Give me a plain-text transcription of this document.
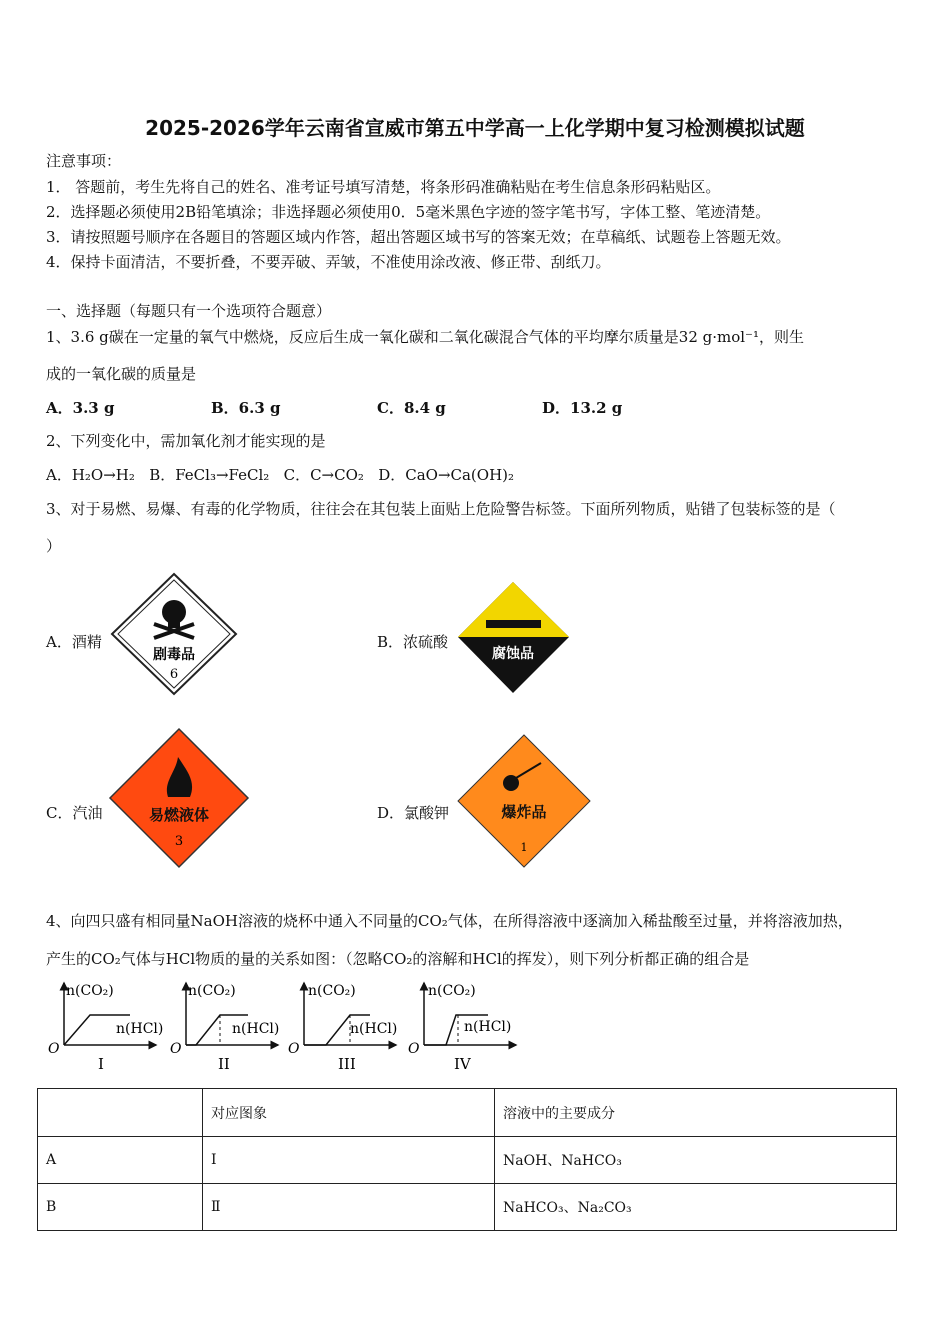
2025-2026学年云南省宣威市第五中学高一上化学期中复习检测模拟试题
注意事项：
1． 答题前，考生先将自己的姓名、准考证号填写清楚，将条形码准确粘贴在考生信息条形码粘贴区。
2．选择题必须使用2B铅笔填涂；非选择题必须使用0．5毫米黑色字迹的签字笔书写，字体工整、笔迹清楚。
3．请按照题号顺序在各题目的答题区域内作答，超出答题区域书写的答案无效；在草稿纸、试题卷上答题无效。
4．保持卡面清洁，不要折叠，不要弄破、弄皱，不准使用涂改液、修正带、刮纸刀。
一、选择题（每题只有一个选项符合题意）
1、3.6 g碳在一定量的氧气中燃烧，反应后生成一氧化碳和二氧化碳混合气体的平均摩尔质量是32 g·mol⁻¹，则生
成的一氧化碳的质量是
A．3.3 g	B．6.3 g	C．8.4 g	D．13.2 g
2、下列变化中，需加氧化剂才能实现的是
A．H₂O→H₂   B．FeCl₃→FeCl₂   C．C→CO₂   D．CaO→Ca(OH)₂
3、对于易燃、易爆、有毒的化学物质，往往会在其包装上面贴上危险警告标签。下面所列物质，贴错了包装标签的是（
）
A．酒精
剧毒品
6
B．浓硫酸
腐蚀品
C．汽油	易燃液体
3
D．氯酸钾	爆炸品
1
4、向四只盛有相同量NaOH溶液的烧杯中通入不同量的CO₂气体，在所得溶液中逐滴加入稀盐酸至过量，并将溶液加热，
产生的CO₂气体与HCl物质的量的关系如图：（忽略CO₂的溶解和HCl的挥发），则下列分析都正确的组合是
n(CO₂)
n(HCl)
O
I
n(CO₂)
n(HCl)
O
II
n(CO₂)
n(HCl)
O
III
n(CO₂)
n(HCl)
O
IV
	对应图象	溶液中的主要成分
A	Ⅰ	NaOH、NaHCO₃
B	Ⅱ	NaHCO₃、Na₂CO₃
